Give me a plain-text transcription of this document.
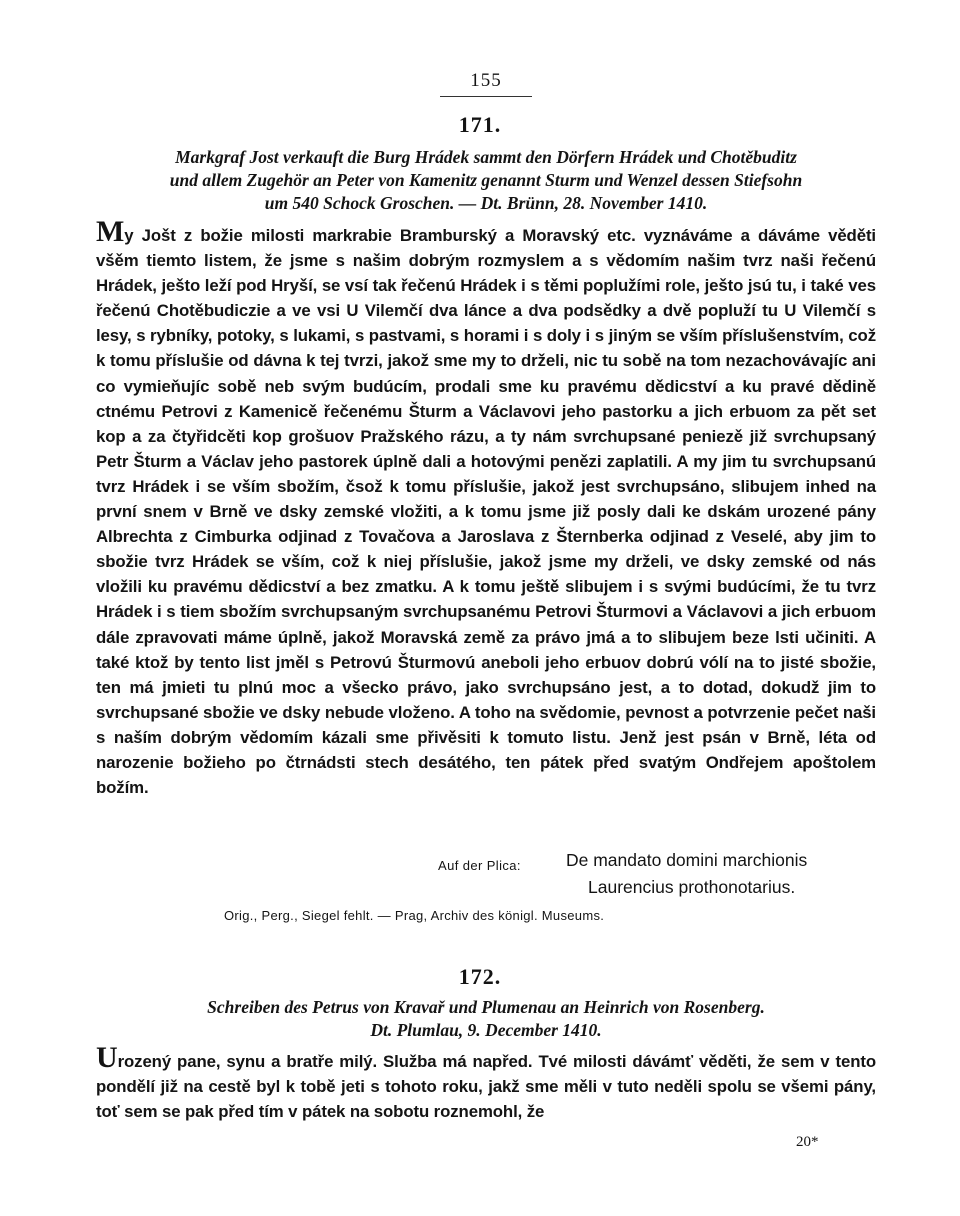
155
171.
Markgraf Jost verkauft die Burg Hrádek sammt den Dörfern Hrádek und Chotěbuditz
und allem Zugehör an Peter von Kamenitz genannt Sturm und Wenzel dessen Stiefsohn
um 540 Schock Groschen. — Dt. Brünn, 28. November 1410.
My Jošt z božie milosti markrabie Bramburský a Moravský etc. vyznáváme a dáváme věděti všěm tiemto listem, že jsme s našim dobrým rozmyslem a s vědomím našim tvrz naši řečenú Hrádek, ješto leží pod Hryší, se vsí tak řečenú Hrádek i s těmi poplužími role, ješto jsú tu, i také ves řečenú Chotěbudiczie a ve vsi U Vilemčí dva lánce a dva podsědky a dvě popluží tu U Vilemčí s lesy, s rybníky, potoky, s lukami, s pastvami, s horami i s doly i s jiným se vším příslušenstvím, což k tomu příslušie od dávna k tej tvrzi, jakož sme my to drželi, nic tu sobě na tom nezachovávajíc ani co vymieňujíc sobě neb svým budúcím, prodali sme ku pravému dědicství a ku pravé dědině ctnému Petrovi z Kamenicě řečenému Šturm a Václavovi jeho pastorku a jich erbuom za pět set kop a za čtyřidcěti kop grošuov Pražského rázu, a ty nám svrchupsané peniezě již svrchupsaný Petr Šturm a Václav jeho pastorek úplně dali a hotovými penězi zaplatili. A my jim tu svrchupsanú tvrz Hrádek i se vším sbožím, čsož k tomu příslušie, jakož jest svrchupsáno, slibujem inhed na první snem v Brně ve dsky zemské vložiti, a k tomu jsme již posly dali ke dskám urozené pány Albrechta z Cimburka odjinad z Tovačova a Jaroslava z Šternberka odjinad z Veselé, aby jim to sbožie tvrz Hrádek se vším, což k niej příslušie, jakož jsme my drželi, ve dsky zemské od nás vložili ku pravému dědicství a bez zmatku. A k tomu ještě slibujem i s svými budúcími, že tu tvrz Hrádek i s tiem sbožím svrchupsaným svrchupsanému Petrovi Šturmovi a Václavovi a jich erbuom dále zpravovati máme úplně, jakož Moravská země za právo jmá a to slibujem beze lsti učiniti. A také ktož by tento list jměl s Petrovú Šturmovú aneboli jeho erbuov dobrú vólí na to jisté sbožie, ten má jmieti tu plnú moc a všecko právo, jako svrchupsáno jest, a to dotad, dokudž jim to svrchupsané sbožie ve dsky nebude vloženo. A toho na svědomie, pevnost a potvrzenie pečet naši s naším dobrým vědomím kázali sme přivěsiti k tomuto listu. Jenž jest psán v Brně, léta od narozenie božieho po čtrnádsti stech desátého, ten pátek před svatým Ondřejem apoštolem božím.
Auf der Plica:	De mandato domini marchionis
Laurencius prothonotarius.
Orig., Perg., Siegel fehlt. — Prag, Archiv des königl. Museums.
172.
Schreiben des Petrus von Kravař und Plumenau an Heinrich von Rosenberg.
Dt. Plumlau, 9. December 1410.
Urozený pane, synu a bratře milý. Služba má napřed. Tvé milosti dávámť věděti, že sem v tento pondělí již na cestě byl k tobě jeti s tohoto roku, jakž sme měli v tuto neděli spolu se všemi pány, toť sem se pak před tím v pátek na sobotu roznemohl, že
20*
